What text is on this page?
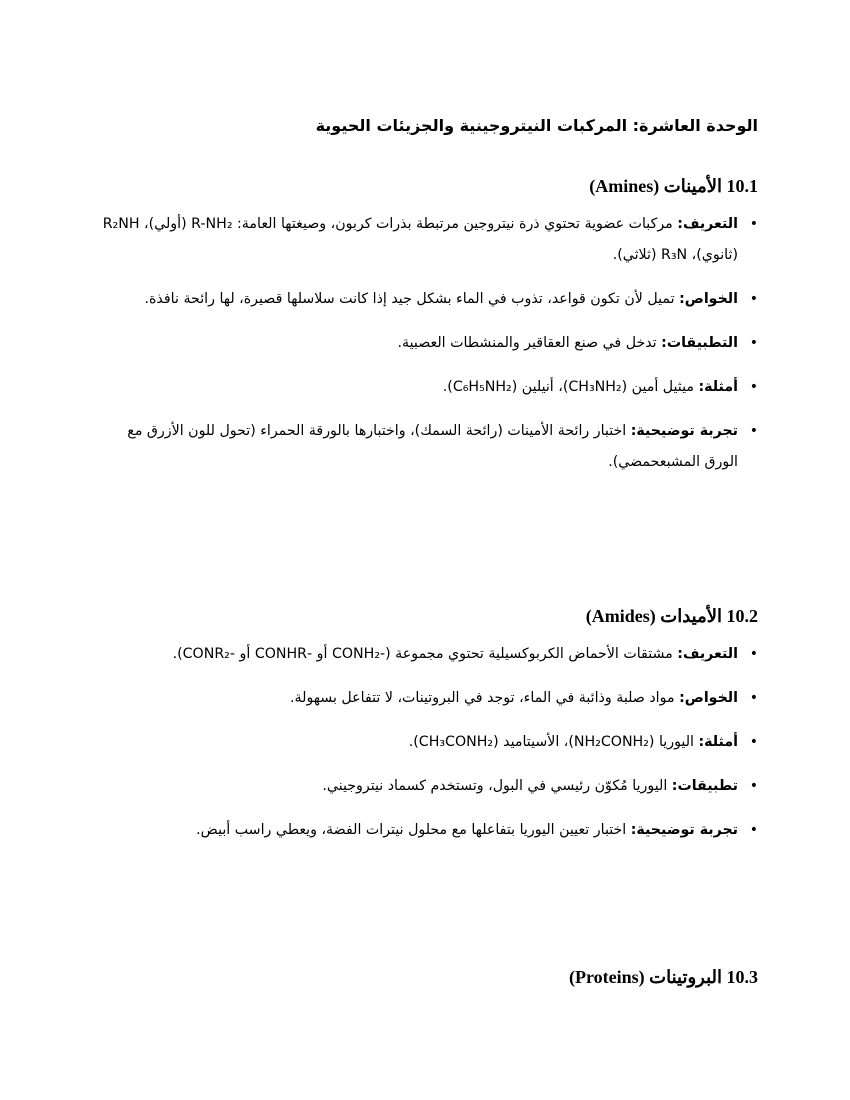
الوحدة العاشرة: المركبات النيتروجينية والجزيئات الحيوية
10.1 الأمينات (Amines)
• التعريف: مركبات عضوية تحتوي ذرة نيتروجين مرتبطة بذرات كربون، وصيغتها العامة: R-NH₂ (أولي)، R₂NH (ثانوي)، R₃N (ثلاثي).
• الخواص: تميل لأن تكون قواعد، تذوب في الماء بشكل جيد إذا كانت سلاسلها قصيرة، لها رائحة نافذة.
• التطبيقات: تدخل في صنع العقاقير والمنشطات العصبية.
• أمثلة: ميثيل أمين (CH₃NH₂)، أنيلين (C₆H₅NH₂).
• تجربة توضيحية: اختبار رائحة الأمينات (رائحة السمك)، واختبارها بالورقة الحمراء (تحول للون الأزرق مع الورق المشبعحمضي).
10.2 الأميدات (Amides)
• التعريف: مشتقات الأحماض الكربوكسيلية تحتوي مجموعة (-CONH₂ أو -CONHR أو -CONR₂).
• الخواص: مواد صلبة وذائبة في الماء، توجد في البروتينات، لا تتفاعل بسهولة.
• أمثلة: اليوريا (NH₂CONH₂)، الأسيتاميد (CH₃CONH₂).
• تطبيقات: اليوريا مُكوّن رئيسي في البول، وتستخدم كسماد نيتروجيني.
• تجربة توضيحية: اختبار تعيين اليوريا بتفاعلها مع محلول نيترات الفضة، ويعطي راسب أبيض.
10.3 البروتينات (Proteins)
